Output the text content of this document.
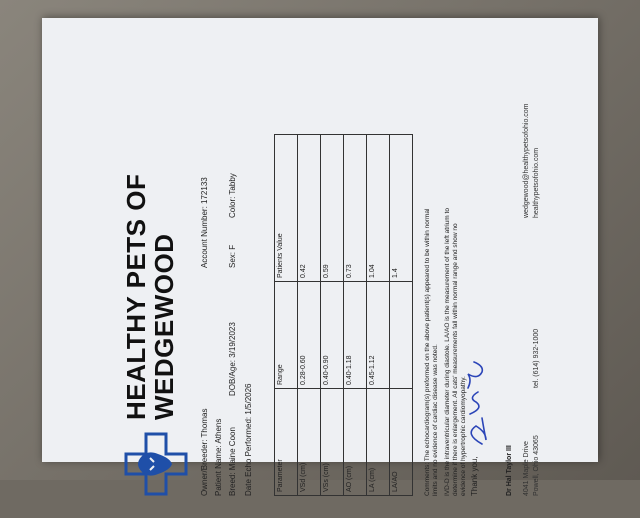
HEALTHY PETS OF
WEDGEWOOD
Owner/Breeder: Thomas Patient Name: Athens Breed: Maine Coon
DOB/Age: 3/19/2023
Date Echo Performed: 1/5/2026
Account Number: 172133 Sex: F
Color: Tabby
Parameter	Range	Patients Value
VSd (cm)	0.28-0.60	0.42
VSs (cm)	0.40-0.90	0.59
AO (cm)	0.40-1.18	0.73
LA (cm)	0.45-1.12	1.04
LA/AO		1.4	Comments: The echocardiogram(s) preformed on the above patient(s) appeared to be within normal limits and no evidence of cardiac disease was noted. IVD-D is the intraventricular diameter during diastole. LA/AO is the measurement of the left atrium to determine if there is enlargement. All cats' measurements fall within normal range and show no evidence of hypertrophic cardiomyopathy. Thank you,	Dr Hal Taylor III 4041 Maple Drive Powell, Ohio 43065
tel. (614) 932-1000
wedgewood@healthypetsofohio.com healthypetsofohio.com
